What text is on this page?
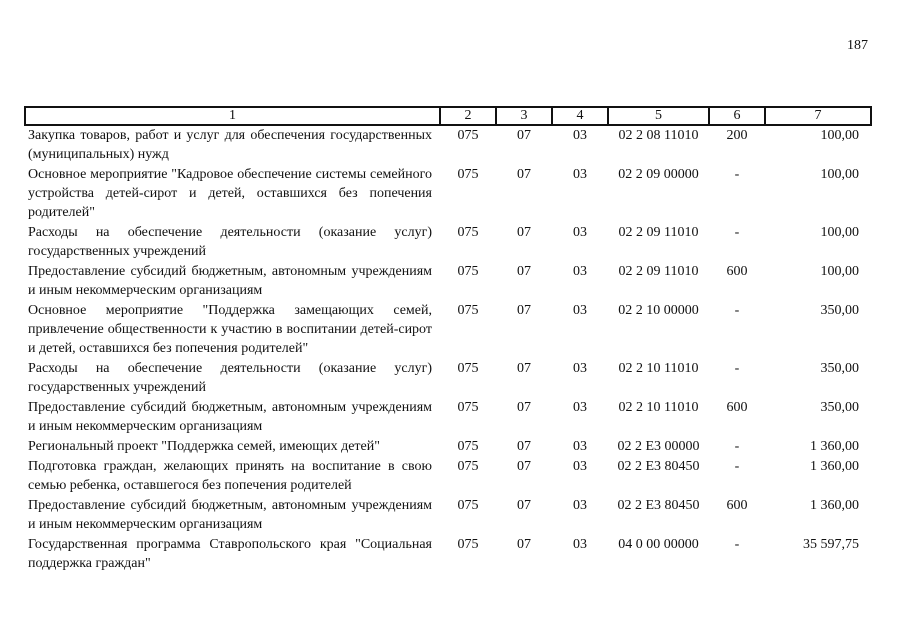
187
1	2	3	4	5	6	7
Закупка товаров, работ и услуг для обеспечения государственных (муниципальных) нужд	075	07	03	02 2 08 11010	200	100,00
Основное мероприятие "Кадровое обеспечение системы семейного устройства детей-сирот и детей, оставшихся без попечения родителей"	075	07	03	02 2 09 00000	-	100,00
Расходы на обеспечение деятельности (оказание услуг) государственных учреждений	075	07	03	02 2 09 11010	-	100,00
Предоставление субсидий бюджетным, автономным учреждениям и иным некоммерческим организациям	075	07	03	02 2 09 11010	600	100,00
Основное мероприятие "Поддержка замещающих семей, привлечение общественности к участию в воспитании детей-сирот и детей, оставшихся без попечения родителей"	075	07	03	02 2 10 00000	-	350,00
Расходы на обеспечение деятельности (оказание услуг) государственных учреждений	075	07	03	02 2 10 11010	-	350,00
Предоставление субсидий бюджетным, автономным учреждениям и иным некоммерческим организациям	075	07	03	02 2 10 11010	600	350,00
Региональный проект "Поддержка семей, имеющих детей"	075	07	03	02 2 E3 00000	-	1 360,00
Подготовка граждан, желающих принять на воспитание в свою семью ребенка, оставшегося без попечения родителей	075	07	03	02 2 E3 80450	-	1 360,00
Предоставление субсидий бюджетным, автономным учреждениям и иным некоммерческим организациям	075	07	03	02 2 E3 80450	600	1 360,00
Государственная программа Ставропольского края "Социальная поддержка граждан"	075	07	03	04 0 00 00000	-	35 597,75
